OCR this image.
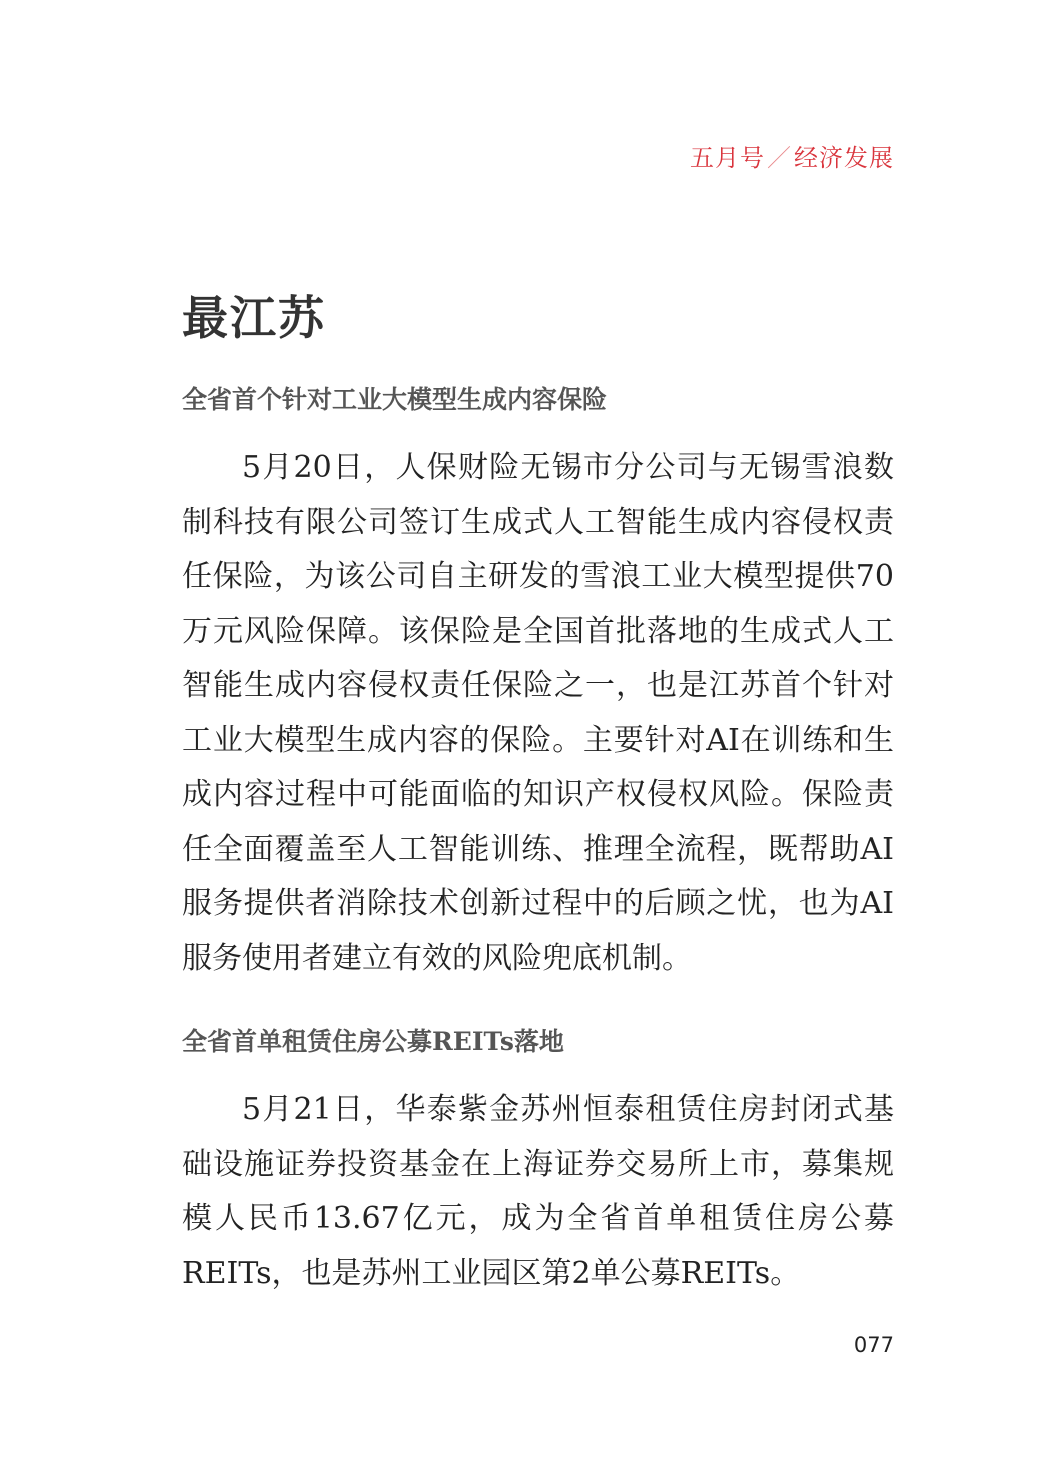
五月号／经济发展
最江苏
全省首个针对工业大模型生成内容保险

5月20日，人保财险无锡市分公司与无锡雪浪数制科技有限公司签订生成式人工智能生成内容侵权责任保险，为该公司自主研发的雪浪工业大模型提供70万元风险保障。该保险是全国首批落地的生成式人工智能生成内容侵权责任保险之一，也是江苏首个针对工业大模型生成内容的保险。主要针对AI在训练和生成内容过程中可能面临的知识产权侵权风险。保险责任全面覆盖至人工智能训练、推理全流程，既帮助AI服务提供者消除技术创新过程中的后顾之忧，也为AI服务使用者建立有效的风险兜底机制。

全省首单租赁住房公募REITs落地

5月21日，华泰紫金苏州恒泰租赁住房封闭式基础设施证券投资基金在上海证券交易所上市，募集规模人民币13.67亿元，成为全省首单租赁住房公募REITs，也是苏州工业园区第2单公募REITs。

077
